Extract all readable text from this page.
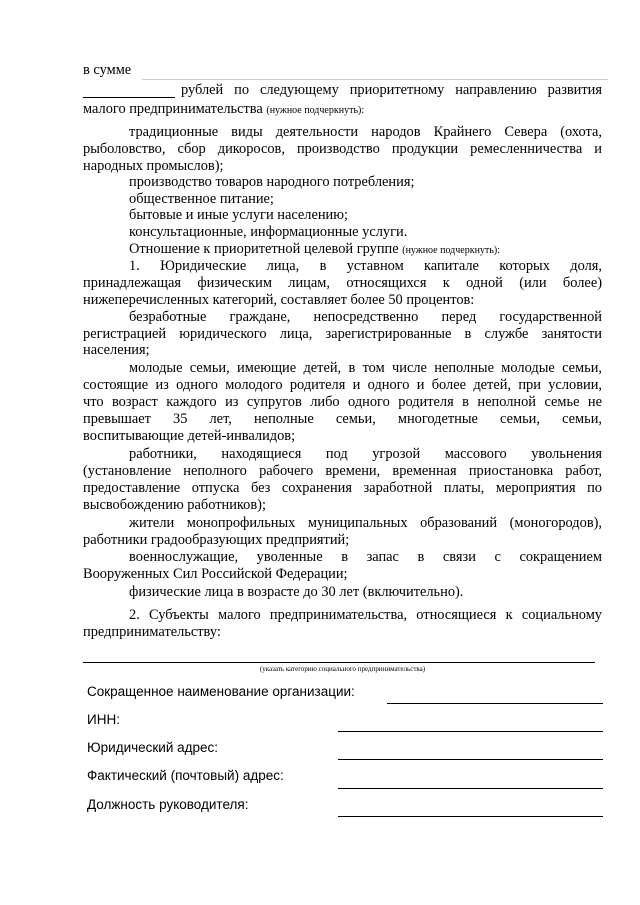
в сумме
рублей по следующему приоритетному направлению развития
малого предпринимательства (нужное подчеркнуть):
традиционные виды деятельности народов Крайнего Севера (охота,
рыболовство, сбор дикоросов, производство продукции ремесленничества и
народных промыслов);
производство товаров народного потребления;
общественное питание;
бытовые и иные услуги населению;
консультационные, информационные услуги.
Отношение к приоритетной целевой группе (нужное подчеркнуть):
1. Юридические лица, в уставном капитале которых доля,
принадлежащая физическим лицам, относящихся к одной (или более)
нижеперечисленных категорий, составляет более 50 процентов:
безработные граждане, непосредственно перед государственной
регистрацией юридического лица, зарегистрированные в службе занятости
населения;
молодые семьи, имеющие детей, в том числе неполные молодые семьи,
состоящие из одного молодого родителя и одного и более детей, при условии,
что возраст каждого из супругов либо одного родителя в неполной семье не
превышает 35 лет, неполные семьи, многодетные семьи, семьи,
воспитывающие детей-инвалидов;
работники, находящиеся под угрозой массового увольнения
(установление неполного рабочего времени, временная приостановка работ,
предоставление отпуска без сохранения заработной платы, мероприятия по
высвобождению работников);
жители монопрофильных муниципальных образований (моногородов),
работники градообразующих предприятий;
военнослужащие, уволенные в запас в связи с сокращением
Вооруженных Сил Российской Федерации;
физические лица в возрасте до 30 лет (включительно).
2. Субъекты малого предпринимательства, относящиеся к социальному
предпринимательству:
(указать категорию социального предпринимательства)
Сокращенное наименование организации:
ИНН:
Юридический адрес:
Фактический (почтовый) адрес:
Должность руководителя:
